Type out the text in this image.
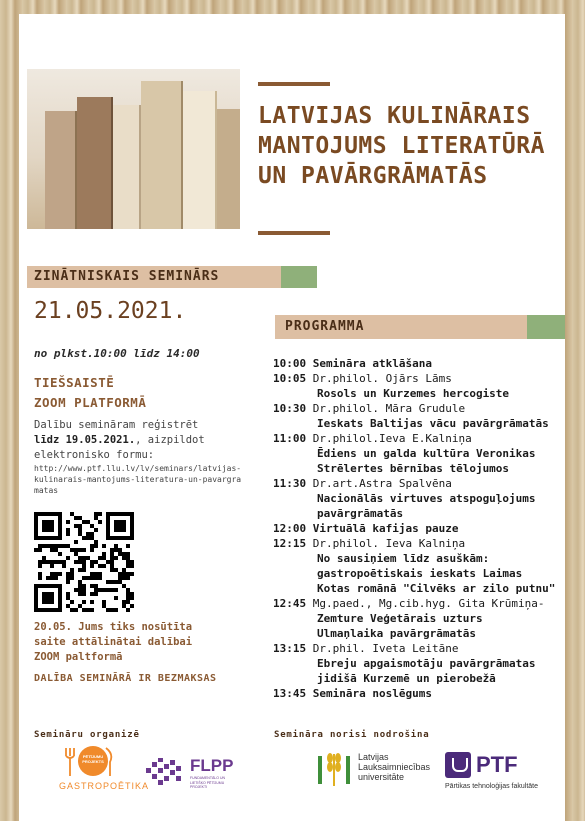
LATVIJAS KULINĀRAIS
MANTOJUMS LITERATŪRĀ
UN PAVĀRGRĀMATĀS
ZINĀTNISKAIS SEMINĀRS
21.05.2021.
no plkst.10:00 līdz 14:00
TIEŠSAISTĒ
ZOOM PLATFORMĀ
Dalību semināram reģistrēt
līdz 19.05.2021., aizpildot
elektronisko formu:
http://www.ptf.llu.lv/lv/seminars/latvijas-kulinarais-mantojums-literatura-un-pavargramatas
20.05. Jums tiks nosūtīta
saite attālinātai dalībai
ZOOM paltformā
DALĪBA SEMINĀRĀ IR BEZMAKSAS
PROGRAMMA
10:00 Semināra atklāšana
10:05 Dr.philol. Ojārs Lāms
Rosols un Kurzemes hercogiste
10:30 Dr.philol. Māra Grudule
Ieskats Baltijas vācu pavārgrāmatās
11:00 Dr.philol.Ieva E.Kalniņa
Ēdiens un galda kultūra Veronikas
Strēlertes bērnības tēlojumos
11:30 Dr.art.Astra Spalvēna
Nacionālās virtuves atspoguļojums
pavārgrāmatās
12:00 Virtuālā kafijas pauze
12:15 Dr.philol. Ieva Kalniņa
No sausiņiem līdz asuškām:
gastropoētiskais ieskats Laimas
Kotas romānā "Cilvēks ar zilo putnu"
12:45 Mg.paed., Mg.cib.hyg. Gita Krūmiņa-
Zemture Veģetārais uzturs
Ulmaņlaika pavārgrāmatās
13:15 Dr.phil. Iveta Leitāne
Ebreju apgaismotāju pavārgrāmatas
jidišā Kurzemē un pierobežā
13:45 Semināra noslēgums
Semināru organizē	Semināra norisi nodrošina
PĒTĪJUMU
PROJEKTS
GASTROPOĒTIKA
FLPP
FUNDAMENTĀLO UN
LIETIŠĶO PĒTĪJUMU
PROJEKTI
Latvijas
Lauksaimniecības
universitāte	PTF
Pārtikas tehnoloģijas fakultāte
